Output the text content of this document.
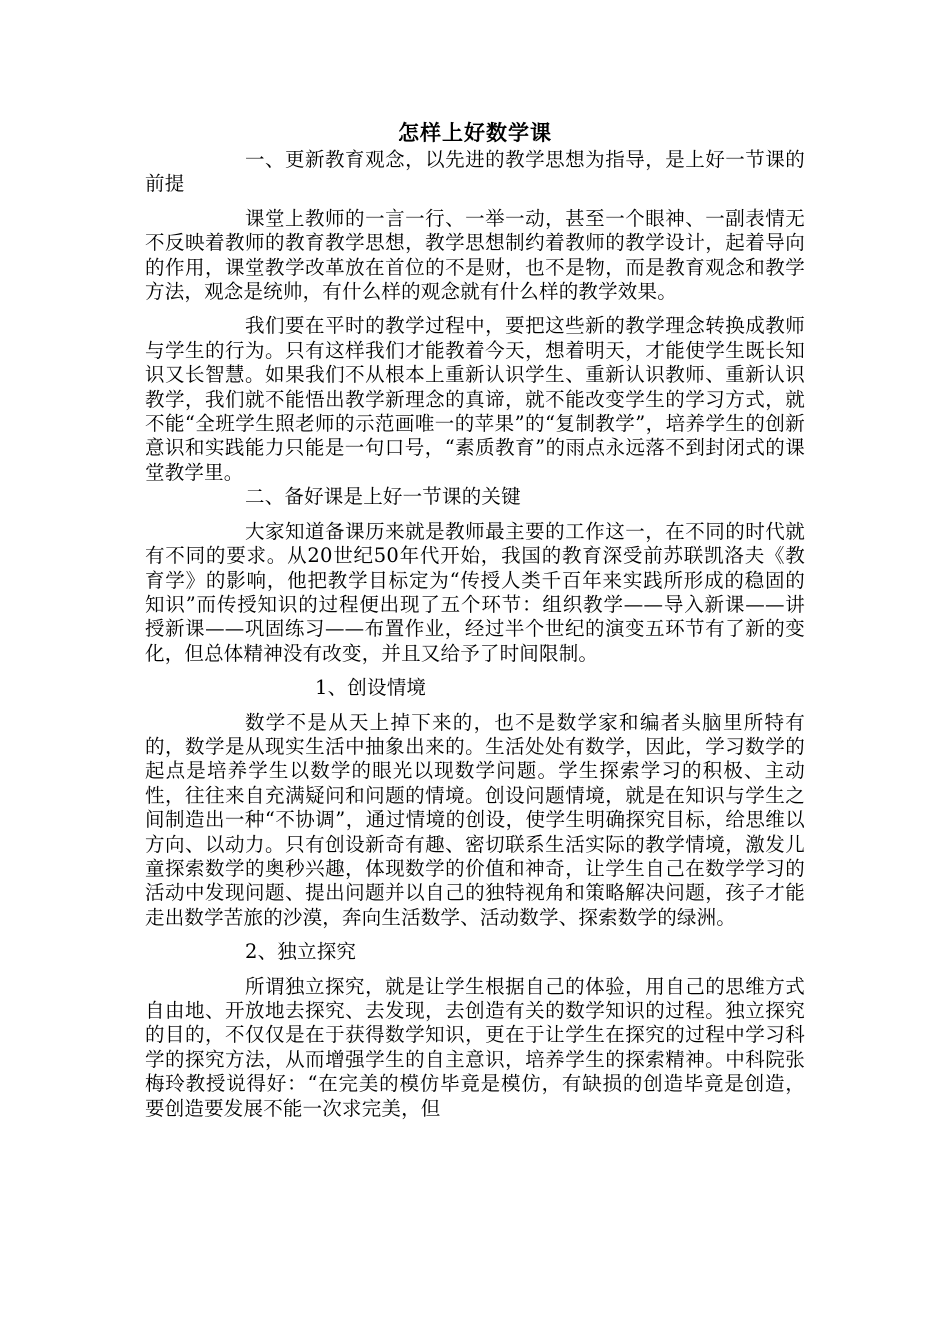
怎样上好数学课

一、更新教育观念，以先进的教学思想为指导，是上好一节课的前提

课堂上教师的一言一行、一举一动，甚至一个眼神、一副表情无不反映着教师的教育教学思想，教学思想制约着教师的教学设计，起着导向的作用，课堂教学改革放在首位的不是财，也不是物，而是教育观念和教学方法，观念是统帅，有什么样的观念就有什么样的教学效果。

我们要在平时的教学过程中，要把这些新的教学理念转换成教师与学生的行为。只有这样我们才能教着今天，想着明天，才能使学生既长知识又长智慧。如果我们不从根本上重新认识学生、重新认识教师、重新认识教学，我们就不能悟出教学新理念的真谛，就不能改变学生的学习方式，就不能“全班学生照老师的示范画唯一的苹果”的“复制教学”，培养学生的创新意识和实践能力只能是一句口号，“素质教育”的雨点永远落不到封闭式的课堂教学里。

二、备好课是上好一节课的关键

大家知道备课历来就是教师最主要的工作这一，在不同的时代就有不同的要求。从20世纪50年代开始，我国的教育深受前苏联凯洛夫《教育学》的影响，他把教学目标定为“传授人类千百年来实践所形成的稳固的知识”而传授知识的过程便出现了五个环节：组织教学——导入新课——讲授新课——巩固练习——布置作业，经过半个世纪的演变五环节有了新的变化，但总体精神没有改变，并且又给予了时间限制。

1、创设情境

数学不是从天上掉下来的，也不是数学家和编者头脑里所特有的，数学是从现实生活中抽象出来的。生活处处有数学，因此，学习数学的起点是培养学生以数学的眼光以现数学问题。学生探索学习的积极、主动性，往往来自充满疑问和问题的情境。创设问题情境，就是在知识与学生之间制造出一种“不协调”，通过情境的创设，使学生明确探究目标，给思维以方向、以动力。只有创设新奇有趣、密切联系生活实际的教学情境，激发儿童探索数学的奥秒兴趣，体现数学的价值和神奇，让学生自己在数学学习的活动中发现问题、提出问题并以自己的独特视角和策略解决问题，孩子才能走出数学苦旅的沙漠，奔向生活数学、活动数学、探索数学的绿洲。

2、独立探究

所谓独立探究，就是让学生根据自己的体验，用自己的思维方式自由地、开放地去探究、去发现，去创造有关的数学知识的过程。独立探究的目的，不仅仅是在于获得数学知识，更在于让学生在探究的过程中学习科学的探究方法，从而增强学生的自主意识，培养学生的探索精神。中科院张梅玲教授说得好：“在完美的模仿毕竟是模仿，有缺损的创造毕竟是创造，要创造要发展不能一次求完美，但
